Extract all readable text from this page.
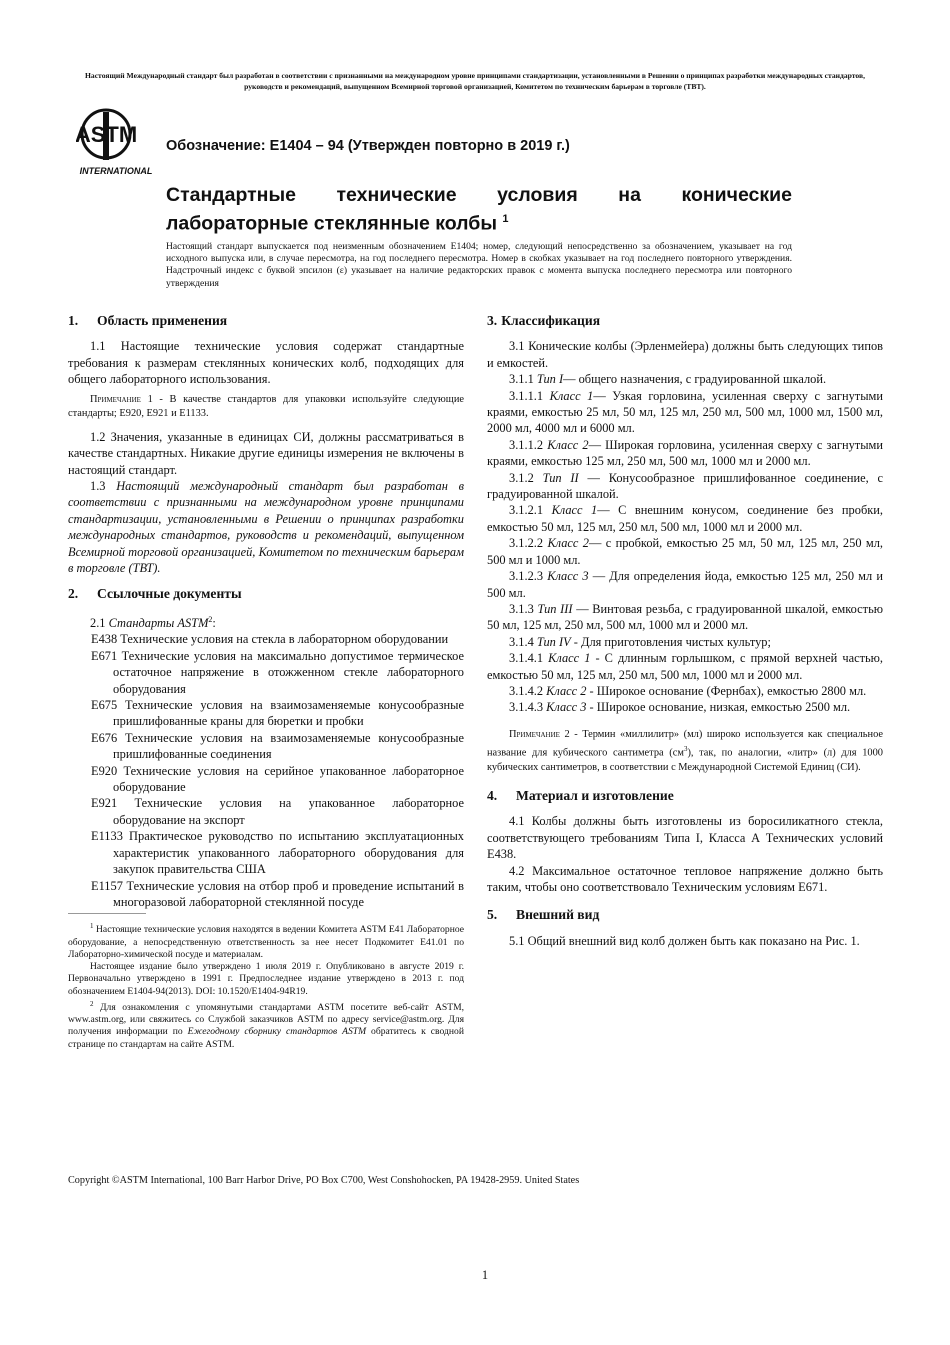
Настоящий Международный стандарт был разработан в соответствии с признанными на международном уровне принципами стандартизации, установленными в Решении о принципах разработки международных стандартов, руководств и рекомендаций, выпущенном Всемирной торговой организацией, Комитетом по техническим барьерам в торговле (ТВТ).
ASTM
INTERNATIONAL
Обозначение: E1404 – 94 (Утвержден повторно в 2019 г.)
Стандартные технические условия на конические лабораторные стеклянные колбы $^1$
Настоящий стандарт выпускается под неизменным обозначением E1404; номер, следующий непосредственно за обозначением, указывает на год исходного выпуска или, в случае пересмотра, на год последнего пересмотра. Номер в скобках указывает на год последнего повторного утверждения. Надстрочный индекс с буквой эпсилон (ε) указывает на наличие редакторских правок с момента выпуска последнего пересмотра или повторного утверждения
1. Область применения

1.1 Настоящие технические условия содержат стандартные требования к размерам стеклянных конических колб, подходящих для общего лабораторного использования.

Примечание 1 - В качестве стандартов для упаковки используйте следующие стандарты; E920, E921 и E1133.

1.2 Значения, указанные в единицах СИ, должны рассматриваться в качестве стандартных. Никакие другие единицы измерения не включены в настоящий стандарт.

1.3 Настоящий международный стандарт был разработан в соответствии с признанными на международном уровне принципами стандартизации, установленными в Решении о принципах разработки международных стандартов, руководств и рекомендаций, выпущенном Всемирной торговой организацией, Комитетом по техническим барьерам в торговле (ТВТ).

2. Ссылочные документы

2.1 Стандарты ASTM$^2$:

E438 Технические условия на стекла в лабораторном оборудовании
E671 Технические условия на максимально допустимое термическое остаточное напряжение в отожженном стекле лабораторного оборудования
E675 Технические условия на взаимозаменяемые конусообразные пришлифованные краны для бюретки и пробки
E676 Технические условия на взаимозаменяемые конусообразные пришлифованные соединения
E920 Технические условия на серийное упакованное лабораторное оборудование
E921 Технические условия на упакованное лабораторное оборудование на экспорт
E1133 Практическое руководство по испытанию эксплуатационных характеристик упакованного лабораторного оборудования для закупок правительства США
E1157 Технические условия на отбор проб и проведение испытаний в многоразовой лабораторной стеклянной посуде

$^1$ Настоящие технические условия находятся в ведении Комитета ASTM E41 Лабораторное оборудование, а непосредственную ответственность за нее несет Подкомитет E41.01 по Лабораторно-химической посуде и материалам.

Настоящее издание было утверждено 1 июля 2019 г. Опубликовано в августе 2019 г. Первоначально утверждено в 1991 г. Предпоследнее издание утверждено в 2013 г. под обозначением E1404-94(2013). DOI: 10.1520/E1404-94R19.

$^2$ Для ознакомления с упомянутыми стандартами ASTM посетите веб-сайт ASTM, www.astm.org, или свяжитесь со Службой заказчиков ASTM по адресу service@astm.org. Для получения информации по Ежегодному сборнику стандартов ASTM обратитесь к сводной странице по стандартам на сайте ASTM.

3. Классификация

3.1 Конические колбы (Эрленмейера) должны быть следующих типов и емкостей.

3.1.1 Тип I— общего назначения, с градуированной шкалой.

3.1.1.1 Класс 1— Узкая горловина, усиленная сверху с загнутыми краями, емкостью 25 мл, 50 мл, 125 мл, 250 мл, 500 мл, 1000 мл, 1500 мл, 2000 мл, 4000 мл и 6000 мл.

3.1.1.2 Класс 2— Широкая горловина, усиленная сверху с загнутыми краями, емкостью 125 мл, 250 мл, 500 мл, 1000 мл и 2000 мл.

3.1.2 Тип II — Конусообразное пришлифованное соединение, с градуированной шкалой.

3.1.2.1 Класс 1— С внешним конусом, соединение без пробки, емкостью 50 мл, 125 мл, 250 мл, 500 мл, 1000 мл и 2000 мл.

3.1.2.2 Класс 2— с пробкой, емкостью 25 мл, 50 мл, 125 мл, 250 мл, 500 мл и 1000 мл.

3.1.2.3 Класс 3 — Для определения йода, емкостью 125 мл, 250 мл и 500 мл.

3.1.3 Тип III — Винтовая резьба, с градуированной шкалой, емкостью 50 мл, 125 мл, 250 мл, 500 мл, 1000 мл и 2000 мл.

3.1.4 Тип IV - Для приготовления чистых культур;

3.1.4.1 Класс 1 - С длинным горлышком, с прямой верхней частью, емкостью 50 мл, 125 мл, 250 мл, 500 мл, 1000 мл и 2000 мл.

3.1.4.2 Класс 2 - Широкое основание (Фернбах), емкостью 2800 мл.

3.1.4.3 Класс 3 - Широкое основание, низкая, емкостью 2500 мл.

Примечание 2 - Термин «миллилитр» (мл) широко используется как специальное название для кубического сантиметра $(см^3)$, так, по аналогии, «литр» (л) для 1000 кубических сантиметров, в соответствии с Международной Системой Единиц (СИ).

4. Материал и изготовление

4.1 Колбы должны быть изготовлены из боросиликатного стекла, соответствующего требованиям Типа I, Класса А Технических условий E438.

4.2 Максимальное остаточное тепловое напряжение должно быть таким, чтобы оно соответствовало Техническим условиям E671.

5. Внешний вид

5.1 Общий внешний вид колб должен быть как показано на Рис. 1.

Copyright ©ASTM International, 100 Barr Harbor Drive, PO Box C700, West Conshohocken, PA 19428-2959. United States
1
